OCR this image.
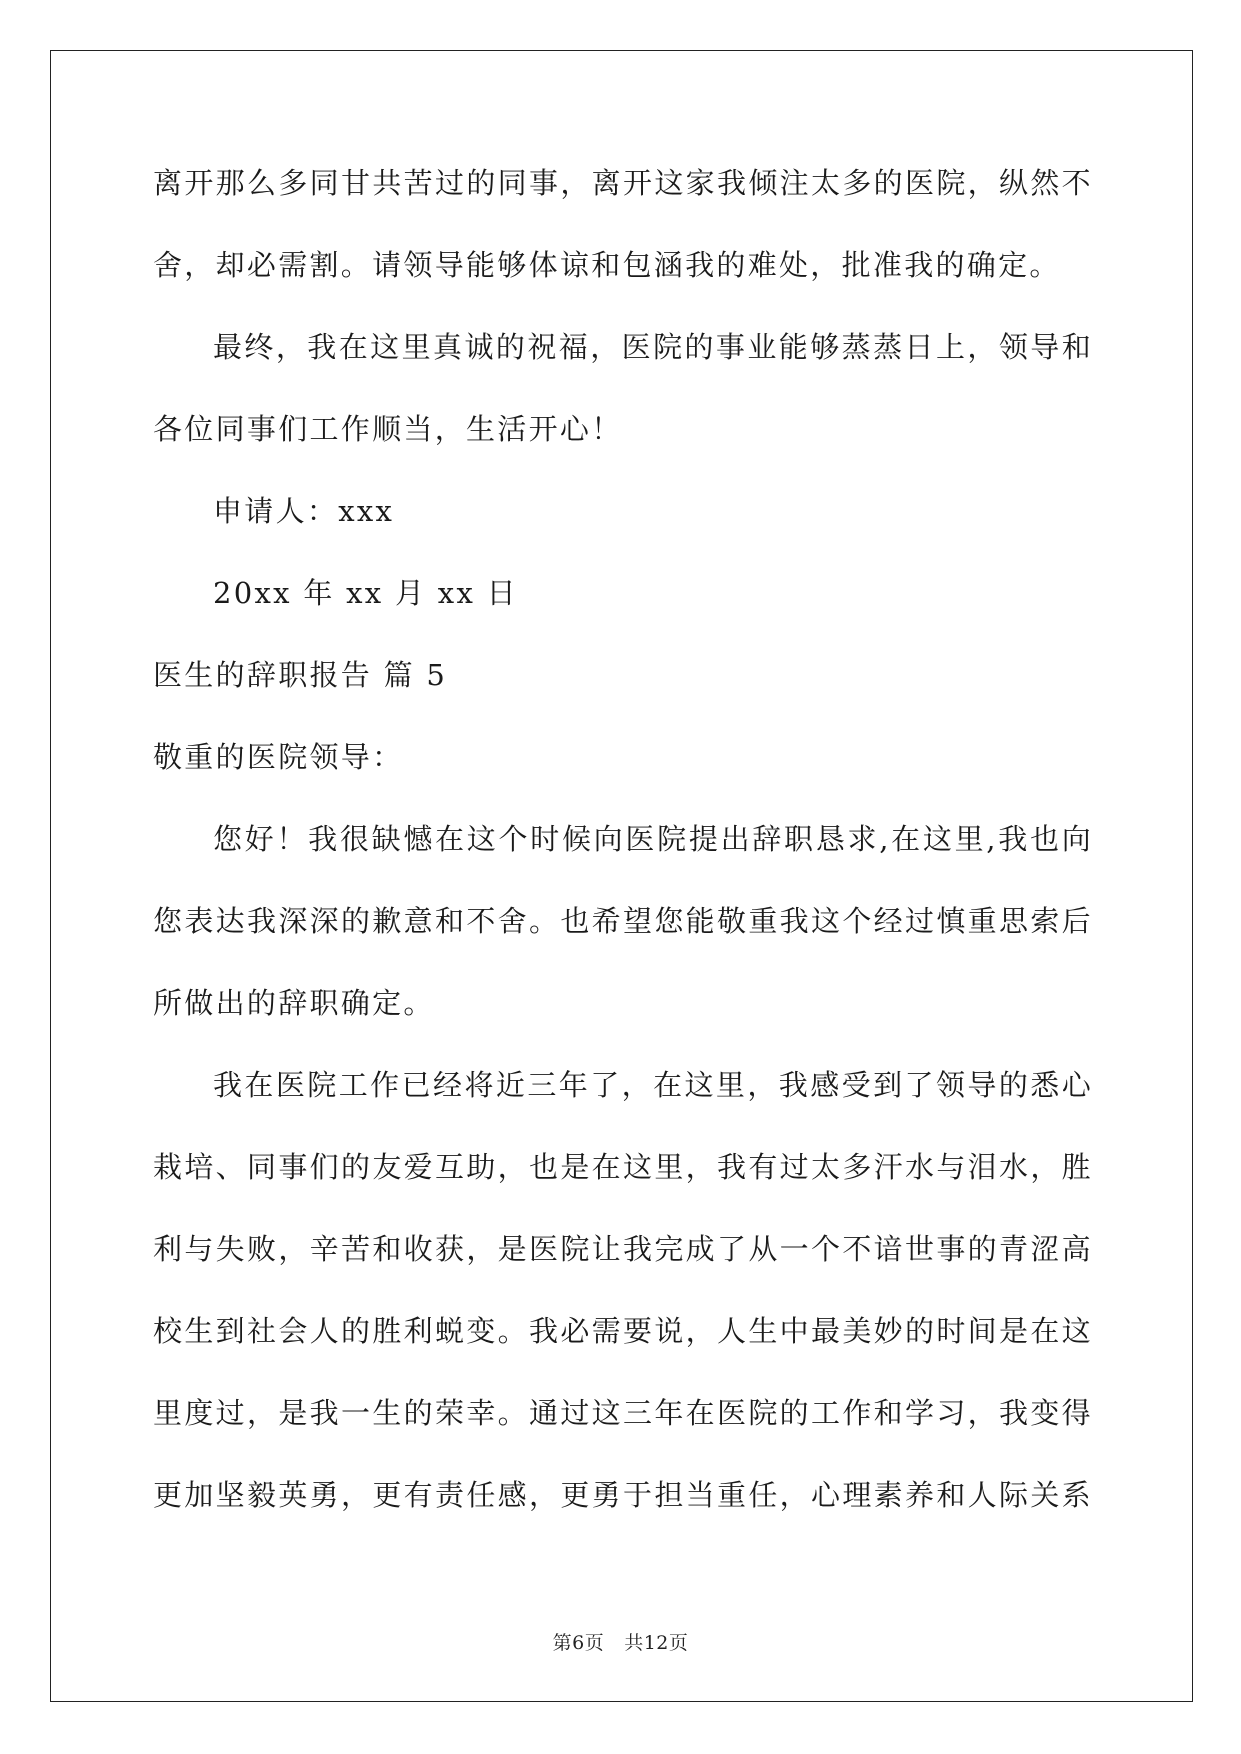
离开那么多同甘共苦过的同事，离开这家我倾注太多的医院，纵然不
舍，却必需割。请领导能够体谅和包涵我的难处，批准我的确定。
最终，我在这里真诚的祝福，医院的事业能够蒸蒸日上，领导和
各位同事们工作顺当，生活开心！
申请人：xxx
20xx 年 xx 月 xx 日
医生的辞职报告 篇 5
敬重的医院领导：
您好！我很缺憾在这个时候向医院提出辞职恳求,在这里,我也向
您表达我深深的歉意和不舍。也希望您能敬重我这个经过慎重思索后
所做出的辞职确定。
我在医院工作已经将近三年了，在这里，我感受到了领导的悉心
栽培、同事们的友爱互助，也是在这里，我有过太多汗水与泪水，胜
利与失败，辛苦和收获，是医院让我完成了从一个不谙世事的青涩高
校生到社会人的胜利蜕变。我必需要说，人生中最美妙的时间是在这
里度过，是我一生的荣幸。通过这三年在医院的工作和学习，我变得
更加坚毅英勇，更有责任感，更勇于担当重任，心理素养和人际关系
第6页 共12页
